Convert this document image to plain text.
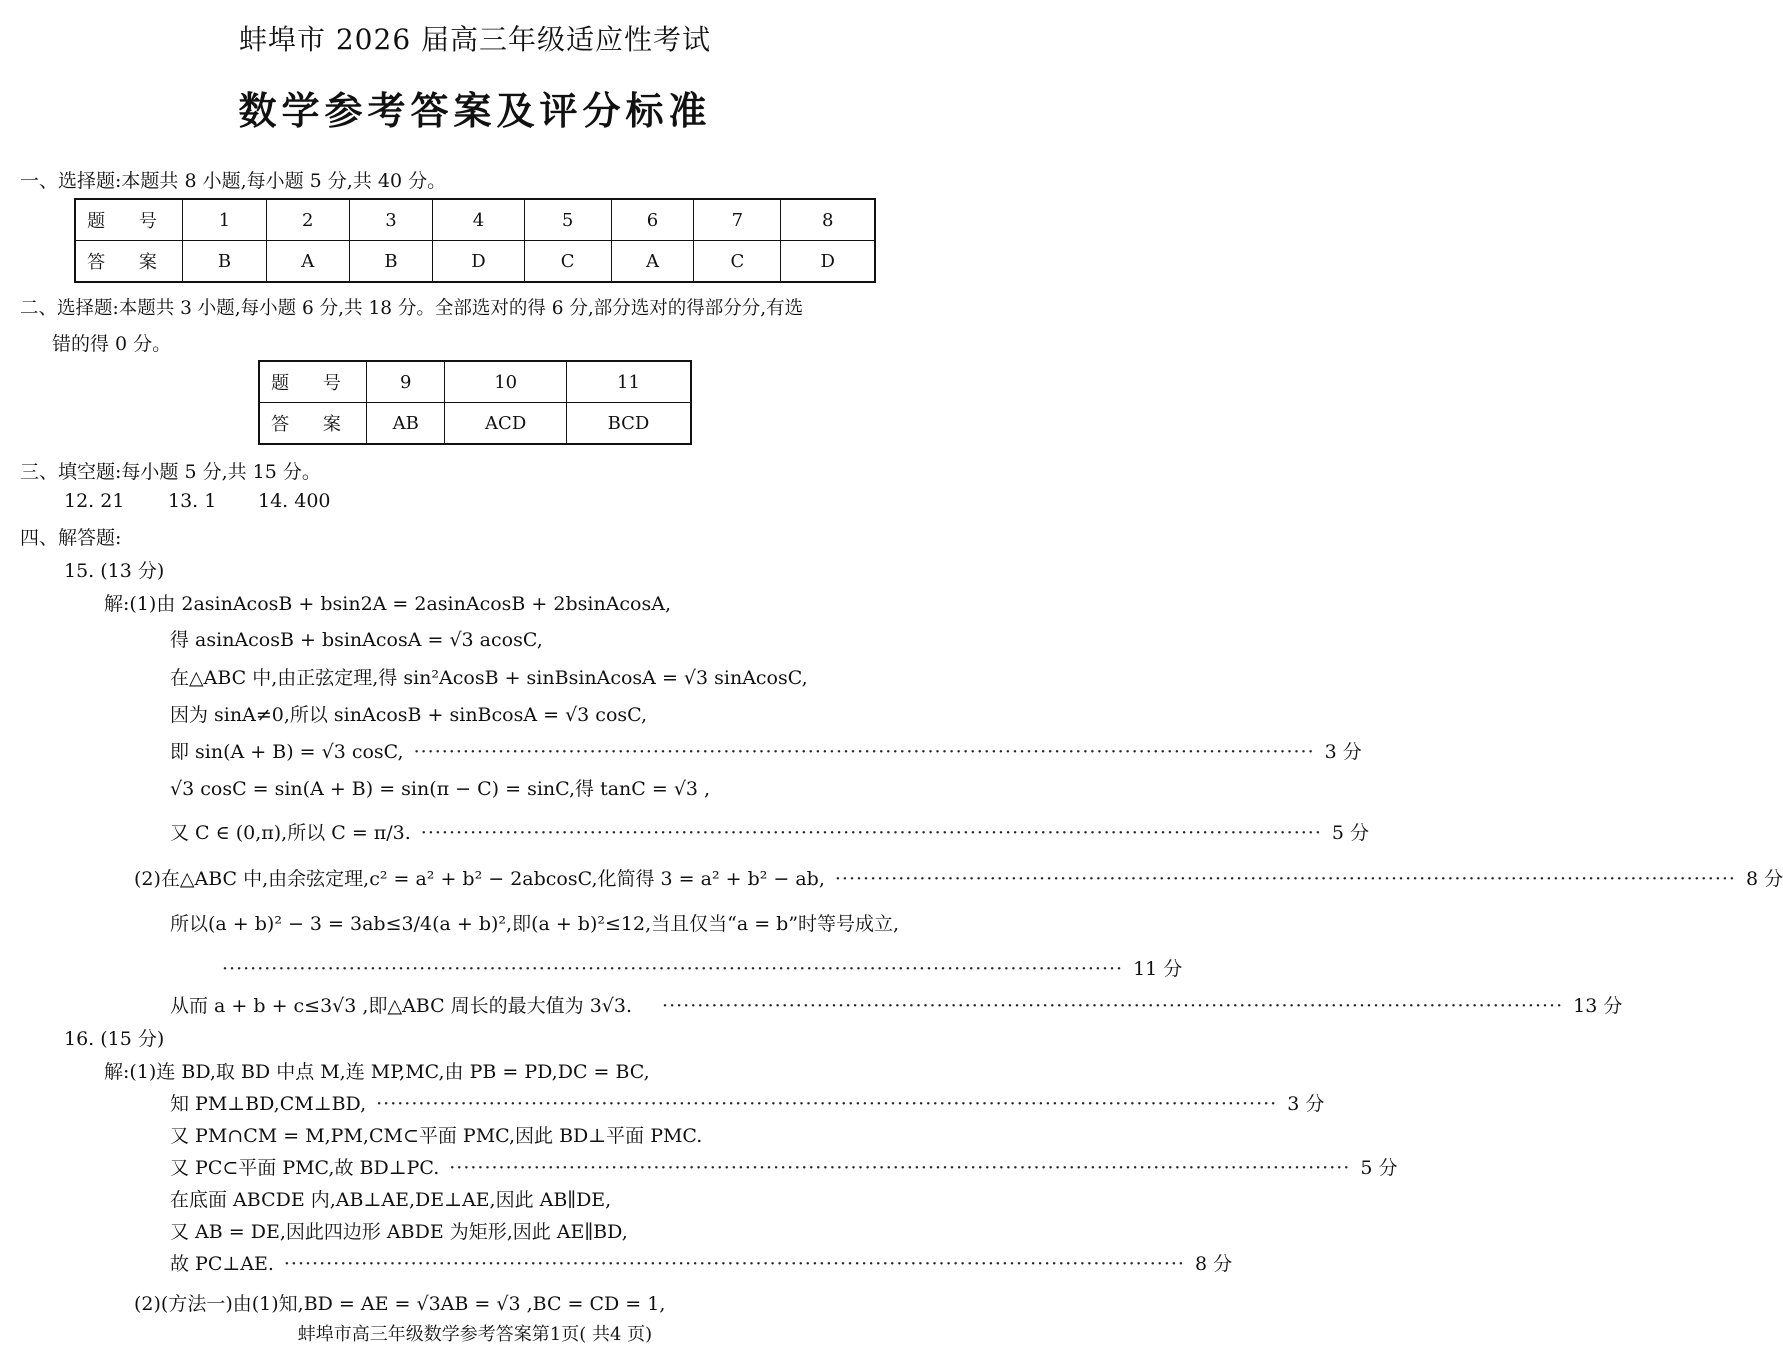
蚌埠市 2026 届高三年级适应性考试
数学参考答案及评分标准
一、选择题:本题共 8 小题,每小题 5 分,共 40 分。
题 号	1	2	3	4	5	6	7	8
答 案	B	A	B	D	C	A	C	D
二、选择题:本题共 3 小题,每小题 6 分,共 18 分。全部选对的得 6 分,部分选对的得部分分,有选
错的得 0 分。
题 号	9	10	11
答 案	AB	ACD	BCD
三、填空题:每小题 5 分,共 15 分。
12. 21 13. 1 14. 400
四、解答题:
15. (13 分)
解:(1)由 2asinAcosB + bsin2A = 2asinAcosB + 2bsinAcosA,
得 asinAcosB + bsinAcosA = √3 acosC,
在△ABC 中,由正弦定理,得 sin²AcosB + sinBsinAcosA = √3 sinAcosC,
因为 sinA≠0,所以 sinAcosB + sinBcosA = √3 cosC,
即 sin(A + B) = √3 cosC, ································································································································ 3 分
√3 cosC = sin(A + B) = sin(π − C) = sinC,得 tanC = √3 ,
又 C ∈ (0,π),所以 C = π/3. ································································································································ 5 分
(2)在△ABC 中,由余弦定理,c² = a² + b² − 2abcosC,化简得 3 = a² + b² − ab, ································································································································ 8 分
所以(a + b)² − 3 = 3ab≤3/4(a + b)²,即(a + b)²≤12,当且仅当“a = b”时等号成立,
································································································································ 11 分
从而 a + b + c≤3√3 ,即△ABC 周长的最大值为 3√3. ································································································································ 13 分
16. (15 分)
解:(1)连 BD,取 BD 中点 M,连 MP,MC,由 PB = PD,DC = BC,
知 PM⊥BD,CM⊥BD, ································································································································ 3 分
又 PM∩CM = M,PM,CM⊂平面 PMC,因此 BD⊥平面 PMC.
又 PC⊂平面 PMC,故 BD⊥PC. ································································································································ 5 分
在底面 ABCDE 内,AB⊥AE,DE⊥AE,因此 AB∥DE,
又 AB = DE,因此四边形 ABDE 为矩形,因此 AE∥BD,
故 PC⊥AE. ································································································································ 8 分
(2)(方法一)由(1)知,BD = AE = √3AB = √3 ,BC = CD = 1,
蚌埠市高三年级数学参考答案第1页( 共4 页)
